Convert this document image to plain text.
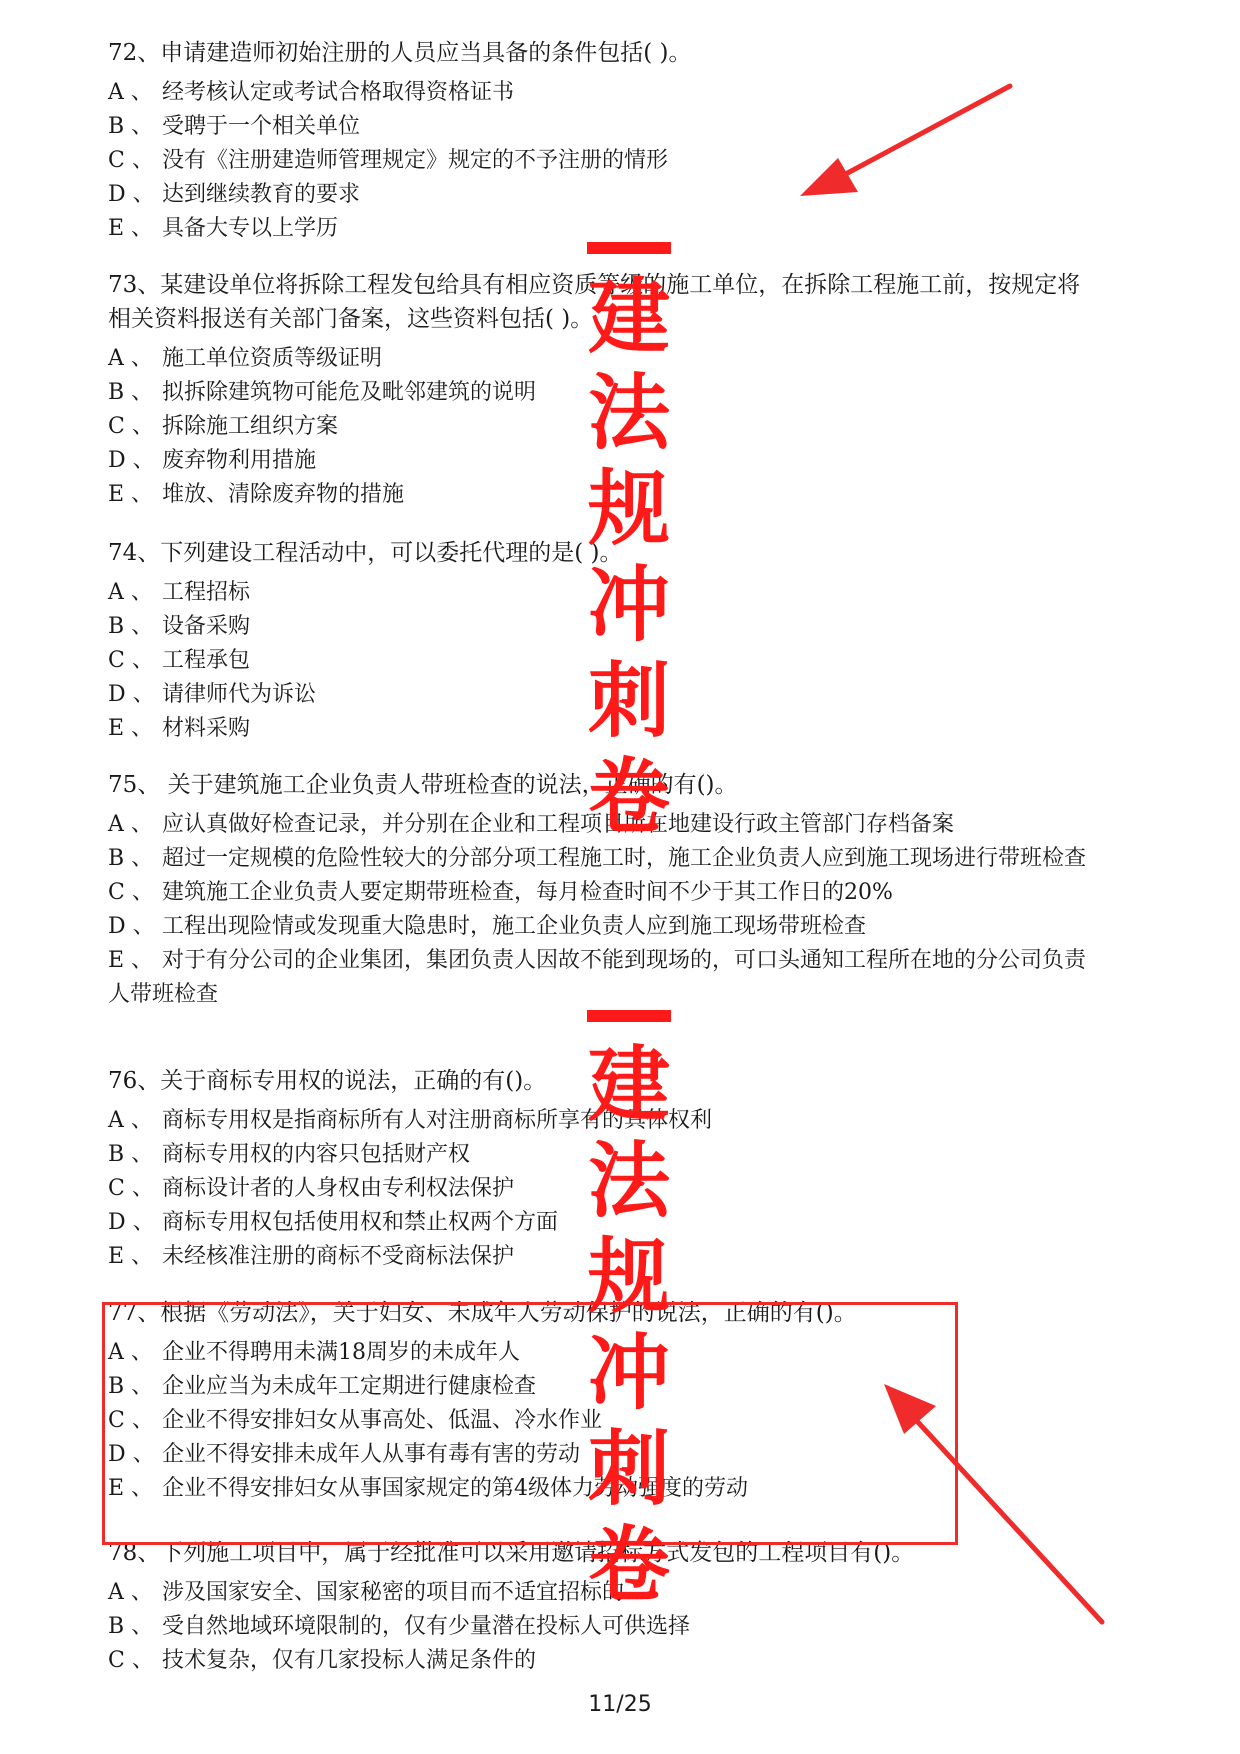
72、申请建造师初始注册的人员应当具备的条件包括( )。
A 、 经考核认定或考试合格取得资格证书
B 、 受聘于一个相关单位
C 、 没有《注册建造师管理规定》规定的不予注册的情形
D 、 达到继续教育的要求
E 、 具备大专以上学历
73、某建设单位将拆除工程发包给具有相应资质等级的施工单位，在拆除工程施工前，按规定将相关资料报送有关部门备案，这些资料包括( )。
A 、 施工单位资质等级证明
B 、 拟拆除建筑物可能危及毗邻建筑的说明
C 、 拆除施工组织方案
D 、 废弃物利用措施
E 、 堆放、清除废弃物的措施
74、下列建设工程活动中，可以委托代理的是( )。
A 、 工程招标
B 、 设备采购
C 、 工程承包
D 、 请律师代为诉讼
E 、 材料采购
75、 关于建筑施工企业负责人带班检查的说法，正确的有()。
A 、 应认真做好检查记录，并分别在企业和工程项目所在地建设行政主管部门存档备案
B 、 超过一定规模的危险性较大的分部分项工程施工时，施工企业负责人应到施工现场进行带班检查
C 、 建筑施工企业负责人要定期带班检查，每月检查时间不少于其工作日的20%
D 、 工程出现险情或发现重大隐患时，施工企业负责人应到施工现场带班检查
E 、 对于有分公司的企业集团，集团负责人因故不能到现场的，可口头通知工程所在地的分公司负责人带班检查
76、关于商标专用权的说法，正确的有()。
A 、 商标专用权是指商标所有人对注册商标所享有的具体权利
B 、 商标专用权的内容只包括财产权
C 、 商标设计者的人身权由专利权法保护
D 、 商标专用权包括使用权和禁止权两个方面
E 、 未经核准注册的商标不受商标法保护
77、根据《劳动法》，关于妇女、未成年人劳动保护的说法，正确的有()。
A 、 企业不得聘用未满18周岁的未成年人
B 、 企业应当为未成年工定期进行健康检查
C 、 企业不得安排妇女从事高处、低温、冷水作业
D 、 企业不得安排未成年人从事有毒有害的劳动
E 、 企业不得安排妇女从事国家规定的第4级体力劳动强度的劳动
78、下列施工项目中，属于经批准可以采用邀请招标方式发包的工程项目有()。
A 、 涉及国家安全、国家秘密的项目而不适宜招标的
B 、 受自然地域环境限制的，仅有少量潜在投标人可供选择
C 、 技术复杂，仅有几家投标人满足条件的
建
法
规
冲
刺
卷
建
法
规
冲
刺
卷
11/25
